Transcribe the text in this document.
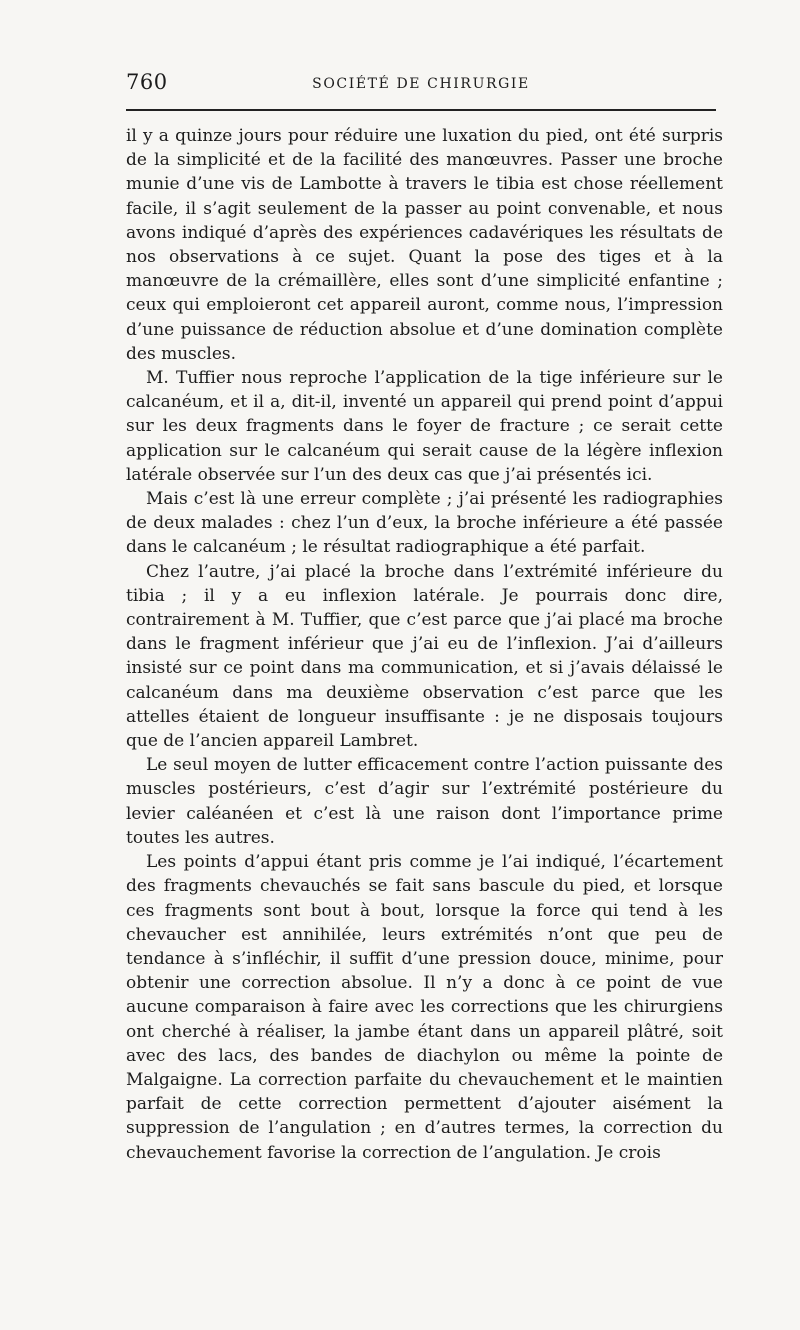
760	SOCIÉTÉ DE CHIRURGIE

il y a quinze jours pour réduire une luxation du pied, ont été surpris de la simplicité et de la facilité des manœuvres. Passer une broche munie d’une vis de Lambotte à travers le tibia est chose réellement facile, il s’agit seulement de la passer au point convenable, et nous avons indiqué d’après des expériences cadavériques les résultats de nos observations à ce sujet. Quant la pose des tiges et à la manœuvre de la crémaillère, elles sont d’une simplicité enfantine ; ceux qui emploieront cet appareil auront, comme nous, l’impression d’une puissance de réduction absolue et d’une domination complète des muscles.

M. Tuffier nous reproche l’application de la tige inférieure sur le calcanéum, et il a, dit-il, inventé un appareil qui prend point d’appui sur les deux fragments dans le foyer de fracture ; ce serait cette application sur le calcanéum qui serait cause de la légère inflexion latérale observée sur l’un des deux cas que j’ai présentés ici.

Mais c’est là une erreur complète ; j’ai présenté les radiographies de deux malades : chez l’un d’eux, la broche inférieure a été passée dans le calcanéum ; le résultat radiographique a été parfait.

Chez l’autre, j’ai placé la broche dans l’extrémité inférieure du tibia ; il y a eu inflexion latérale. Je pourrais donc dire, contrairement à M. Tuffier, que c’est parce que j’ai placé ma broche dans le fragment inférieur que j’ai eu de l’inflexion. J’ai d’ailleurs insisté sur ce point dans ma communication, et si j’avais délaissé le calcanéum dans ma deuxième observation c’est parce que les attelles étaient de longueur insuffisante : je ne disposais toujours que de l’ancien appareil Lambret.

Le seul moyen de lutter efficacement contre l’action puissante des muscles postérieurs, c’est d’agir sur l’extrémité postérieure du levier caléanéen et c’est là une raison dont l’importance prime toutes les autres.

Les points d’appui étant pris comme je l’ai indiqué, l’écartement des fragments chevauchés se fait sans bascule du pied, et lorsque ces fragments sont bout à bout, lorsque la force qui tend à les chevaucher est annihilée, leurs extrémités n’ont que peu de tendance à s’infléchir, il suffit d’une pression douce, minime, pour obtenir une correction absolue. Il n’y a donc à ce point de vue aucune comparaison à faire avec les corrections que les chirurgiens ont cherché à réaliser, la jambe étant dans un appareil plâtré, soit avec des lacs, des bandes de diachylon ou même la pointe de Malgaigne. La correction parfaite du chevauchement et le maintien parfait de cette correction permettent d’ajouter aisément la suppression de l’angulation ; en d’autres termes, la correction du chevauchement favorise la correction de l’angulation. Je crois
